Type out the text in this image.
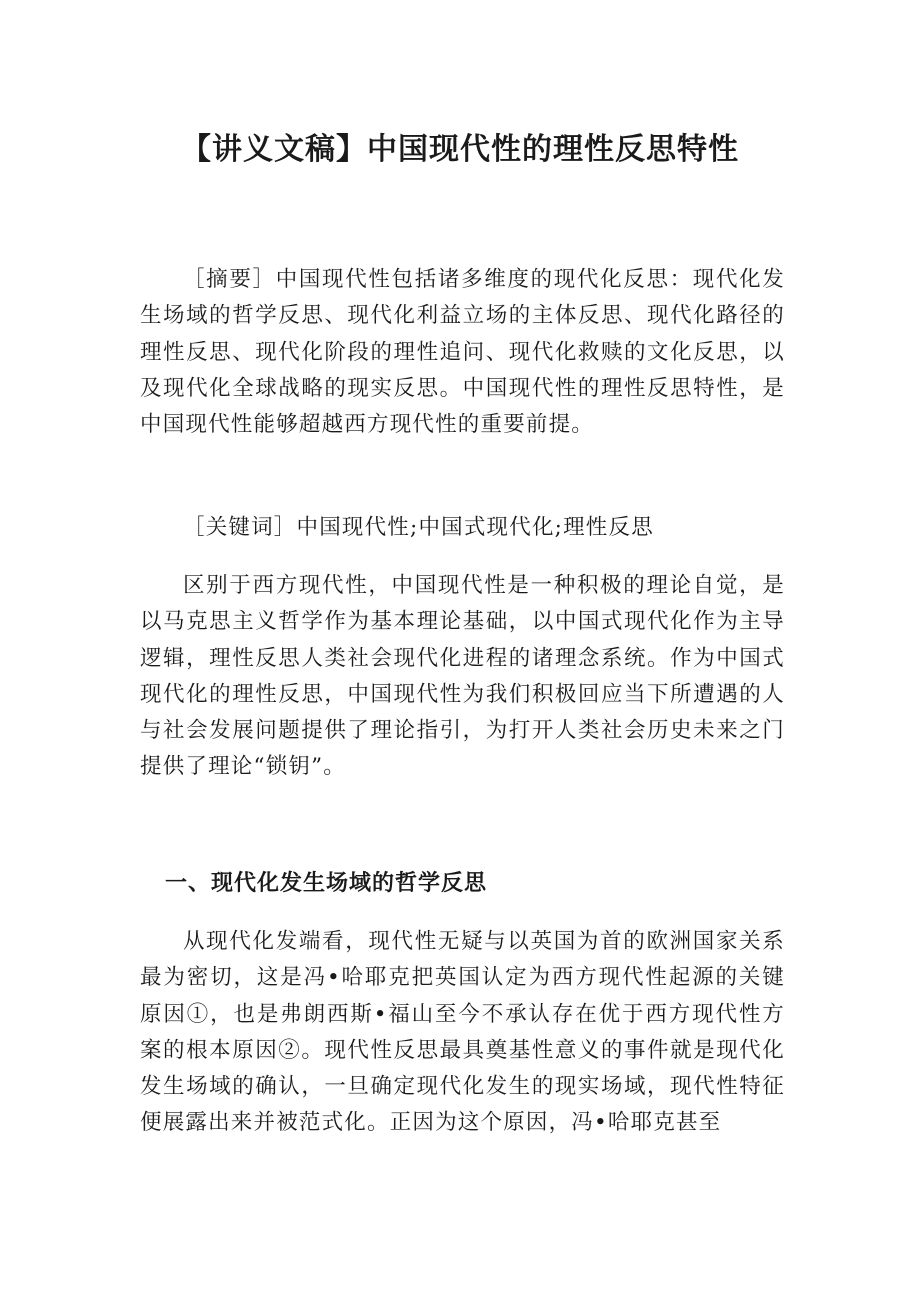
【讲义文稿】中国现代性的理性反思特性

［摘要］中国现代性包括诸多维度的现代化反思：现代化发生场域的哲学反思、现代化利益立场的主体反思、现代化路径的理性反思、现代化阶段的理性追问、现代化救赎的文化反思，以及现代化全球战略的现实反思。中国现代性的理性反思特性，是中国现代性能够超越西方现代性的重要前提。

［关键词］中国现代性;中国式现代化;理性反思

区别于西方现代性，中国现代性是一种积极的理论自觉，是以马克思主义哲学作为基本理论基础，以中国式现代化作为主导逻辑，理性反思人类社会现代化进程的诸理念系统。作为中国式现代化的理性反思，中国现代性为我们积极回应当下所遭遇的人与社会发展问题提供了理论指引，为打开人类社会历史未来之门提供了理论“锁钥”。

一、现代化发生场域的哲学反思

从现代化发端看，现代性无疑与以英国为首的欧洲国家关系最为密切，这是冯•哈耶克把英国认定为西方现代性起源的关键原因①，也是弗朗西斯•福山至今不承认存在优于西方现代性方案的根本原因②。现代性反思最具奠基性意义的事件就是现代化发生场域的确认，一旦确定现代化发生的现实场域，现代性特征便展露出来并被范式化。正因为这个原因，冯•哈耶克甚至
